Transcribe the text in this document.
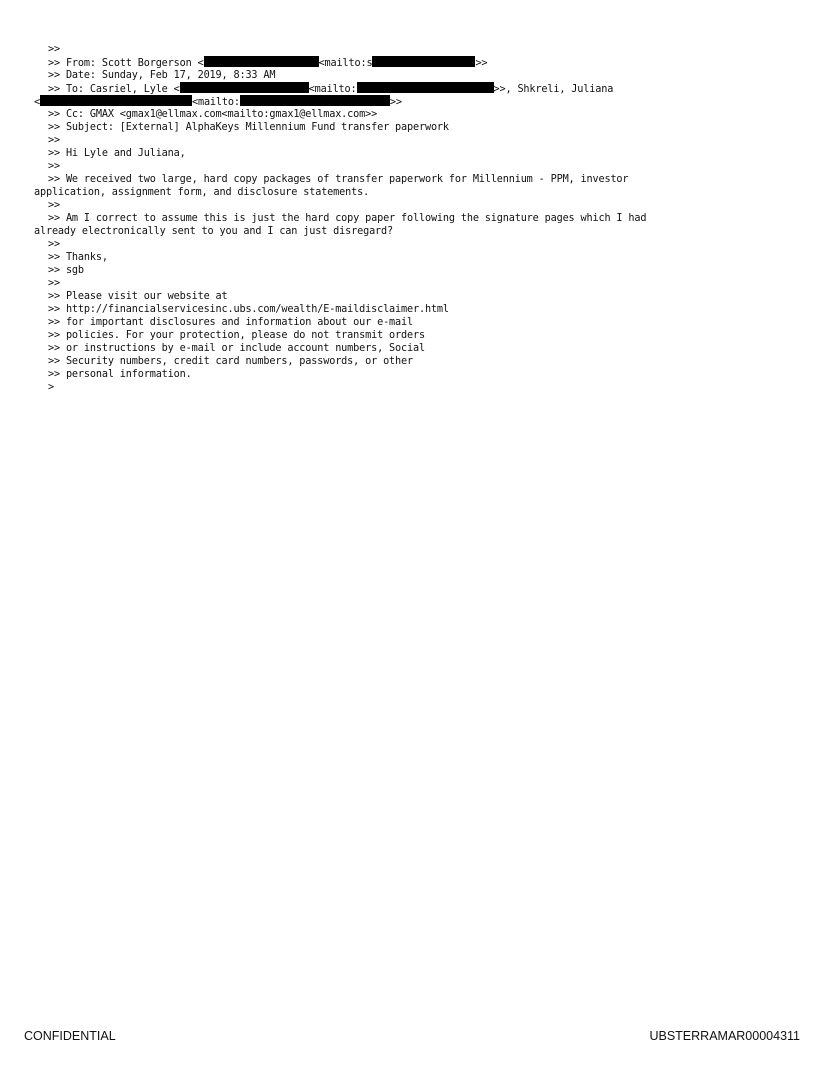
>>
>> From: Scott Borgerson <	<mailto:s	>>
>> Date: Sunday, Feb 17, 2019, 8:33 AM
>> To: Casriel, Lyle <	<mailto:	>>, Shkreli, Juliana
<	<mailto:	>>
>> Cc: GMAX <gmax1@ellmax.com<mailto:gmax1@ellmax.com>>
>> Subject: [External] AlphaKeys Millennium Fund transfer paperwork
>>
>> Hi Lyle and Juliana,
>>
>> We received two large, hard copy packages of transfer paperwork for Millennium - PPM, investor
application, assignment form, and disclosure statements.
>>
>> Am I correct to assume this is just the hard copy paper following the signature pages which I had
already electronically sent to you and I can just disregard?
>>
>> Thanks,
>> sgb
>>
>> Please visit our website at
>> http://financialservicesinc.ubs.com/wealth/E-maildisclaimer.html
>> for important disclosures and information about our e-mail
>> policies. For your protection, please do not transmit orders
>> or instructions by e-mail or include account numbers, Social
>> Security numbers, credit card numbers, passwords, or other
>> personal information.
>
CONFIDENTIAL	UBSTERRAMAR00004311
